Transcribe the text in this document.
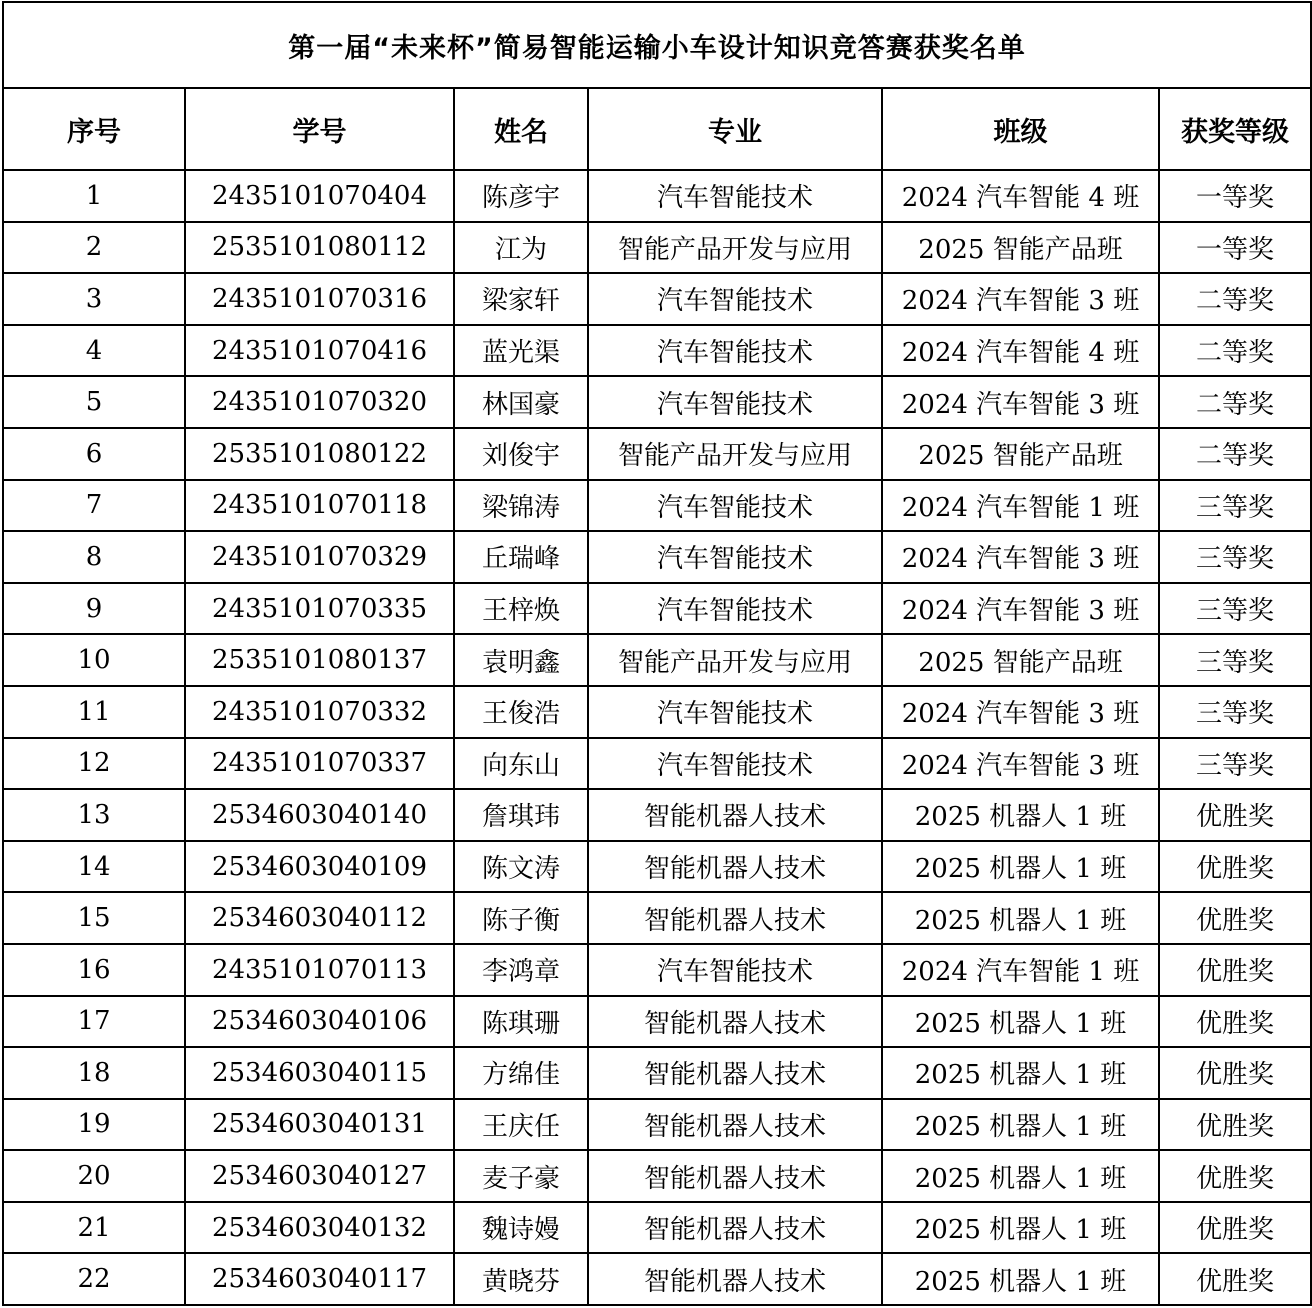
第一届“未来杯”简易智能运输小车设计知识竞答赛获奖名单					
序号	学号	姓名	专业	班级	获奖等级
1	2435101070404	陈彦宇	汽车智能技术	2024 汽车智能 4 班	一等奖
2	2535101080112	江为	智能产品开发与应用	2025 智能产品班	一等奖
3	2435101070316	梁家轩	汽车智能技术	2024 汽车智能 3 班	二等奖
4	2435101070416	蓝光渠	汽车智能技术	2024 汽车智能 4 班	二等奖
5	2435101070320	林国豪	汽车智能技术	2024 汽车智能 3 班	二等奖
6	2535101080122	刘俊宇	智能产品开发与应用	2025 智能产品班	二等奖
7	2435101070118	梁锦涛	汽车智能技术	2024 汽车智能 1 班	三等奖
8	2435101070329	丘瑞峰	汽车智能技术	2024 汽车智能 3 班	三等奖
9	2435101070335	王梓焕	汽车智能技术	2024 汽车智能 3 班	三等奖
10	2535101080137	袁明鑫	智能产品开发与应用	2025 智能产品班	三等奖
11	2435101070332	王俊浩	汽车智能技术	2024 汽车智能 3 班	三等奖
12	2435101070337	向东山	汽车智能技术	2024 汽车智能 3 班	三等奖
13	2534603040140	詹琪玮	智能机器人技术	2025 机器人 1 班	优胜奖
14	2534603040109	陈文涛	智能机器人技术	2025 机器人 1 班	优胜奖
15	2534603040112	陈子衡	智能机器人技术	2025 机器人 1 班	优胜奖
16	2435101070113	李鸿章	汽车智能技术	2024 汽车智能 1 班	优胜奖
17	2534603040106	陈琪珊	智能机器人技术	2025 机器人 1 班	优胜奖
18	2534603040115	方绵佳	智能机器人技术	2025 机器人 1 班	优胜奖
19	2534603040131	王庆任	智能机器人技术	2025 机器人 1 班	优胜奖
20	2534603040127	麦子豪	智能机器人技术	2025 机器人 1 班	优胜奖
21	2534603040132	魏诗嫚	智能机器人技术	2025 机器人 1 班	优胜奖
22	2534603040117	黄晓芬	智能机器人技术	2025 机器人 1 班	优胜奖
